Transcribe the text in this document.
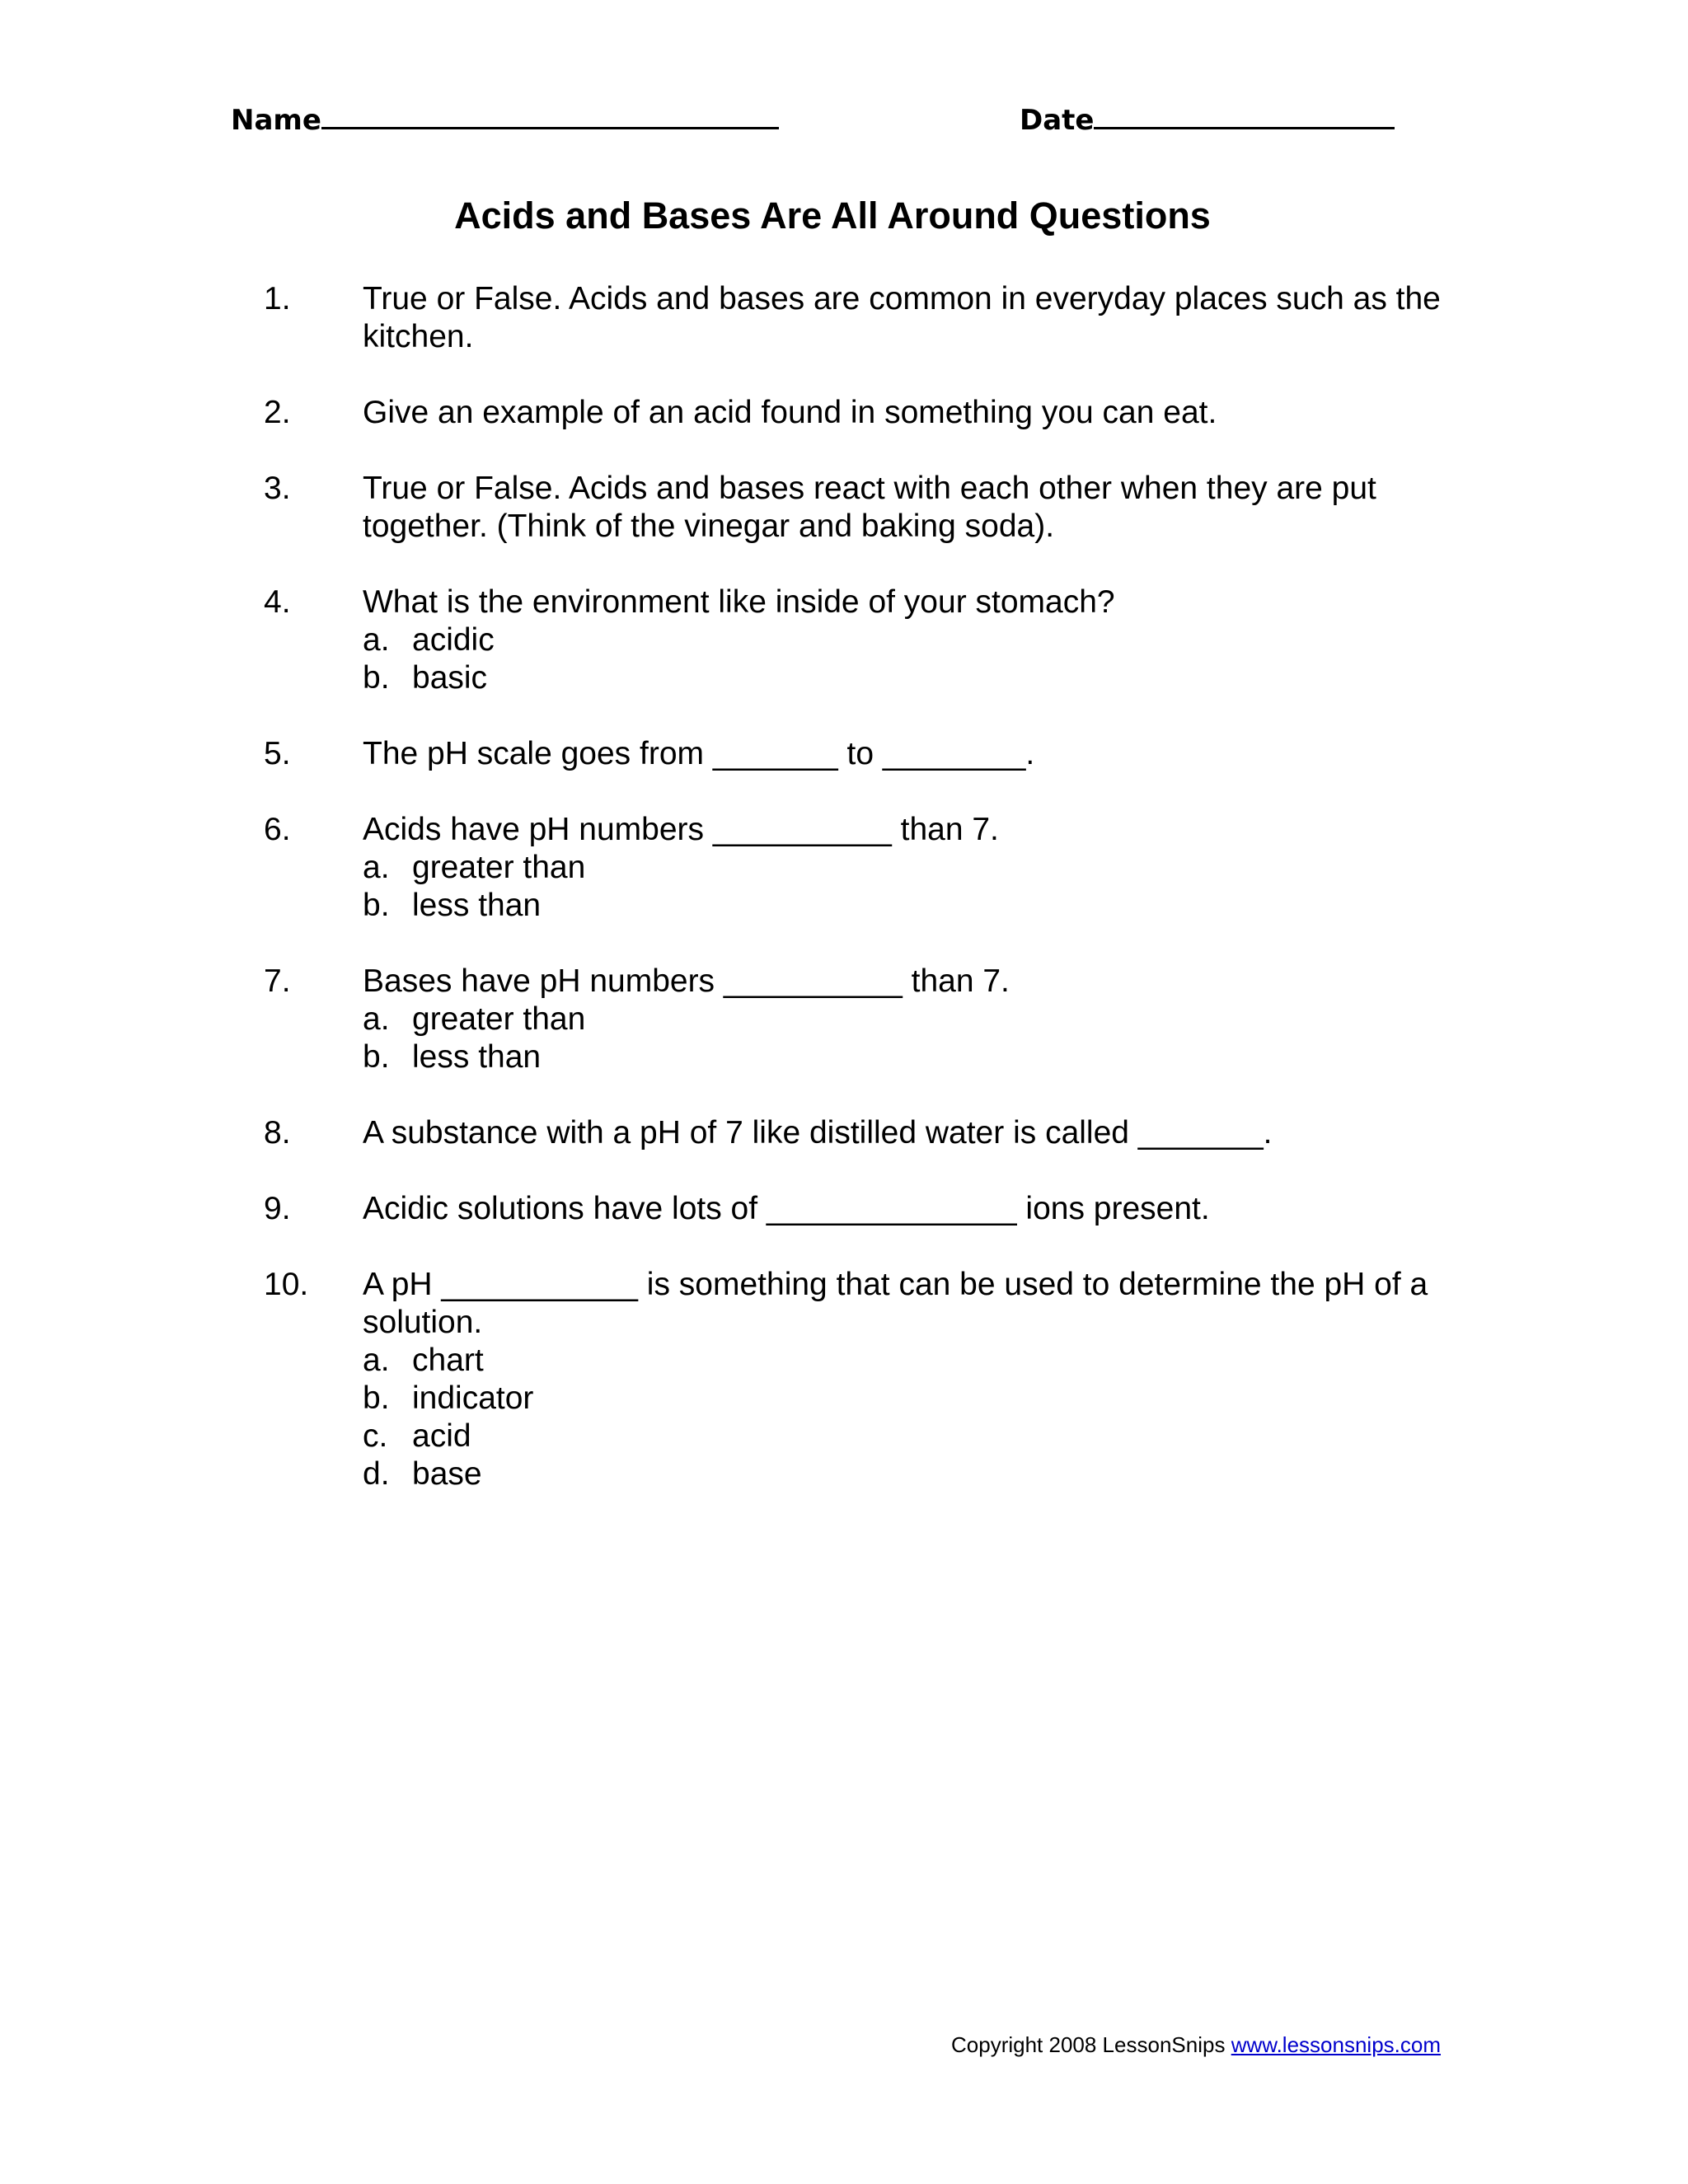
Name	Date
Acids and Bases Are All Around Questions
1.	True or False. Acids and bases are common in everyday places such as the kitchen.
2.	Give an example of an acid found in something you can eat.
3.	True or False. Acids and bases react with each other when they are put together. (Think of the vinegar and baking soda).
4.	What is the environment like inside of your stomach?
a. acidic
b. basic
5.	The pH scale goes from _______ to ________.
6.	Acids have pH numbers __________ than 7.
a. greater than
b. less than
7.	Bases have pH numbers __________ than 7.
a. greater than
b. less than
8.	A substance with a pH of 7 like distilled water is called _______.
9.	Acidic solutions have lots of ______________ ions present.
10.	A pH ___________ is something that can be used to determine the pH of a solution.
a. chart
b. indicator
c. acid
d. base
Copyright 2008 LessonSnips www.lessonsnips.com
